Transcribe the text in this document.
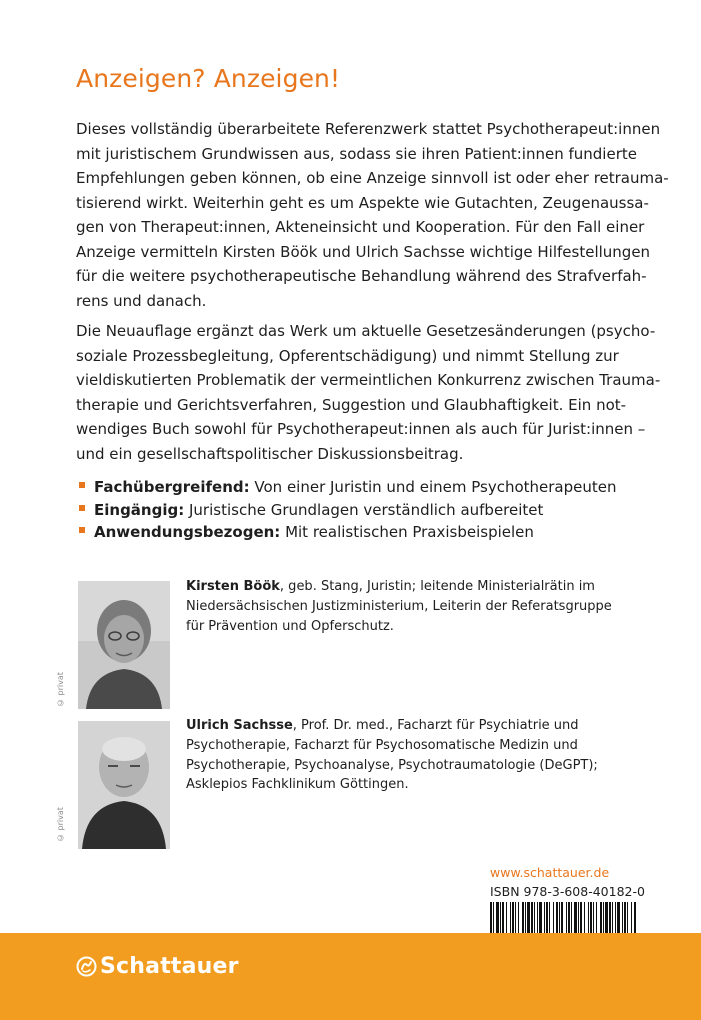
Anzeigen? Anzeigen!
Dieses vollständig überarbeitete Referenzwerk stattet Psychotherapeut:innen
mit juristischem Grundwissen aus, sodass sie ihren Patient:innen fundierte
Empfehlungen geben können, ob eine Anzeige sinnvoll ist oder eher retrauma-
tisierend wirkt. Weiterhin geht es um Aspekte wie Gutachten, Zeugenaussa-
gen von Therapeut:innen, Akteneinsicht und Kooperation. Für den Fall einer
Anzeige vermitteln Kirsten Böök und Ulrich Sachsse wichtige Hilfestellungen
für die weitere psychotherapeutische Behandlung während des Strafverfah-
rens und danach.
Die Neuauflage ergänzt das Werk um aktuelle Gesetzesänderungen (psycho-
soziale Prozessbegleitung, Opferentschädigung) und nimmt Stellung zur
vieldiskutierten Problematik der vermeintlichen Konkurrenz zwischen Trauma-
therapie und Gerichtsverfahren, Suggestion und Glaubhaftigkeit. Ein not-
wendiges Buch sowohl für Psychotherapeut:innen als auch für Jurist:innen –
und ein gesellschaftspolitischer Diskussionsbeitrag.
Fachübergreifend: Von einer Juristin und einem Psychotherapeuten
Eingängig: Juristische Grundlagen verständlich aufbereitet
Anwendungsbezogen: Mit realistischen Praxisbeispielen
© privat
Kirsten Böök, geb. Stang, Juristin; leitende Ministerialrätin im
Niedersächsischen Justizministerium, Leiterin der Referatsgruppe
für Prävention und Opferschutz.
© privat
Ulrich Sachsse, Prof. Dr. med., Facharzt für Psychiatrie und
Psychotherapie, Facharzt für Psychosomatische Medizin und
Psychotherapie, Psychoanalyse, Psychotraumatologie (DeGPT);
Asklepios Fachklinikum Göttingen.
www.schattauer.de
ISBN 978-3-608-40182-0
Schattauer
